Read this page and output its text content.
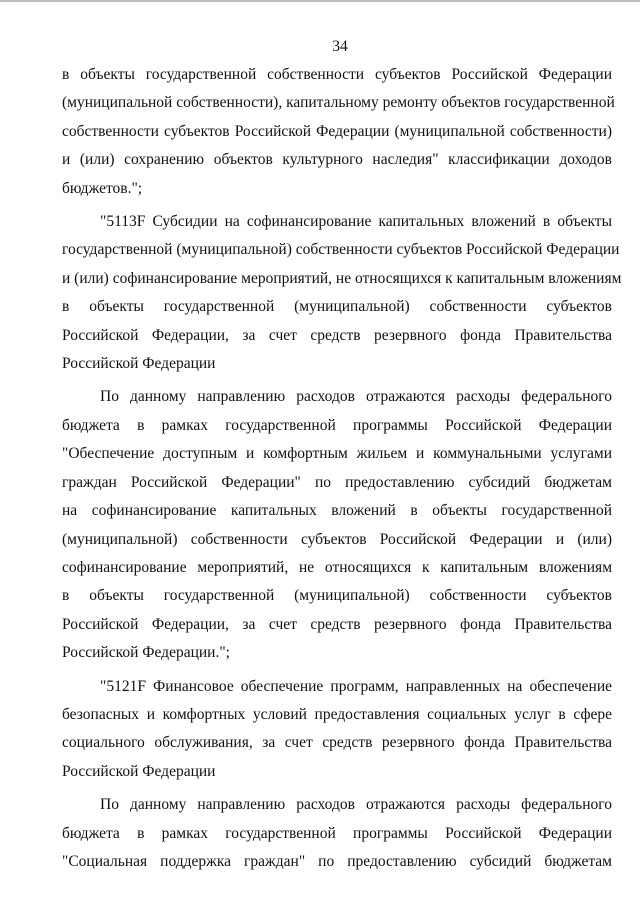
34
в объекты государственной собственности субъектов Российской Федерации
(муниципальной собственности), капитальному ремонту объектов государственной
собственности субъектов Российской Федерации (муниципальной собственности)
и (или) сохранению объектов культурного наследия" классификации доходов
бюджетов.";
"5113F Субсидии на софинансирование капитальных вложений в объекты
государственной (муниципальной) собственности субъектов Российской Федерации
и (или) софинансирование мероприятий, не относящихся к капитальным вложениям
в объекты государственной (муниципальной) собственности субъектов
Российской Федерации, за счет средств резервного фонда Правительства
Российской Федерации
По данному направлению расходов отражаются расходы федерального
бюджета в рамках государственной программы Российской Федерации
"Обеспечение доступным и комфортным жильем и коммунальными услугами
граждан Российской Федерации" по предоставлению субсидий бюджетам
на софинансирование капитальных вложений в объекты государственной
(муниципальной) собственности субъектов Российской Федерации и (или)
софинансирование мероприятий, не относящихся к капитальным вложениям
в объекты государственной (муниципальной) собственности субъектов
Российской Федерации, за счет средств резервного фонда Правительства
Российской Федерации.";
"5121F Финансовое обеспечение программ, направленных на обеспечение
безопасных и комфортных условий предоставления социальных услуг в сфере
социального обслуживания, за счет средств резервного фонда Правительства
Российской Федерации
По данному направлению расходов отражаются расходы федерального
бюджета в рамках государственной программы Российской Федерации
"Социальная поддержка граждан" по предоставлению субсидий бюджетам
